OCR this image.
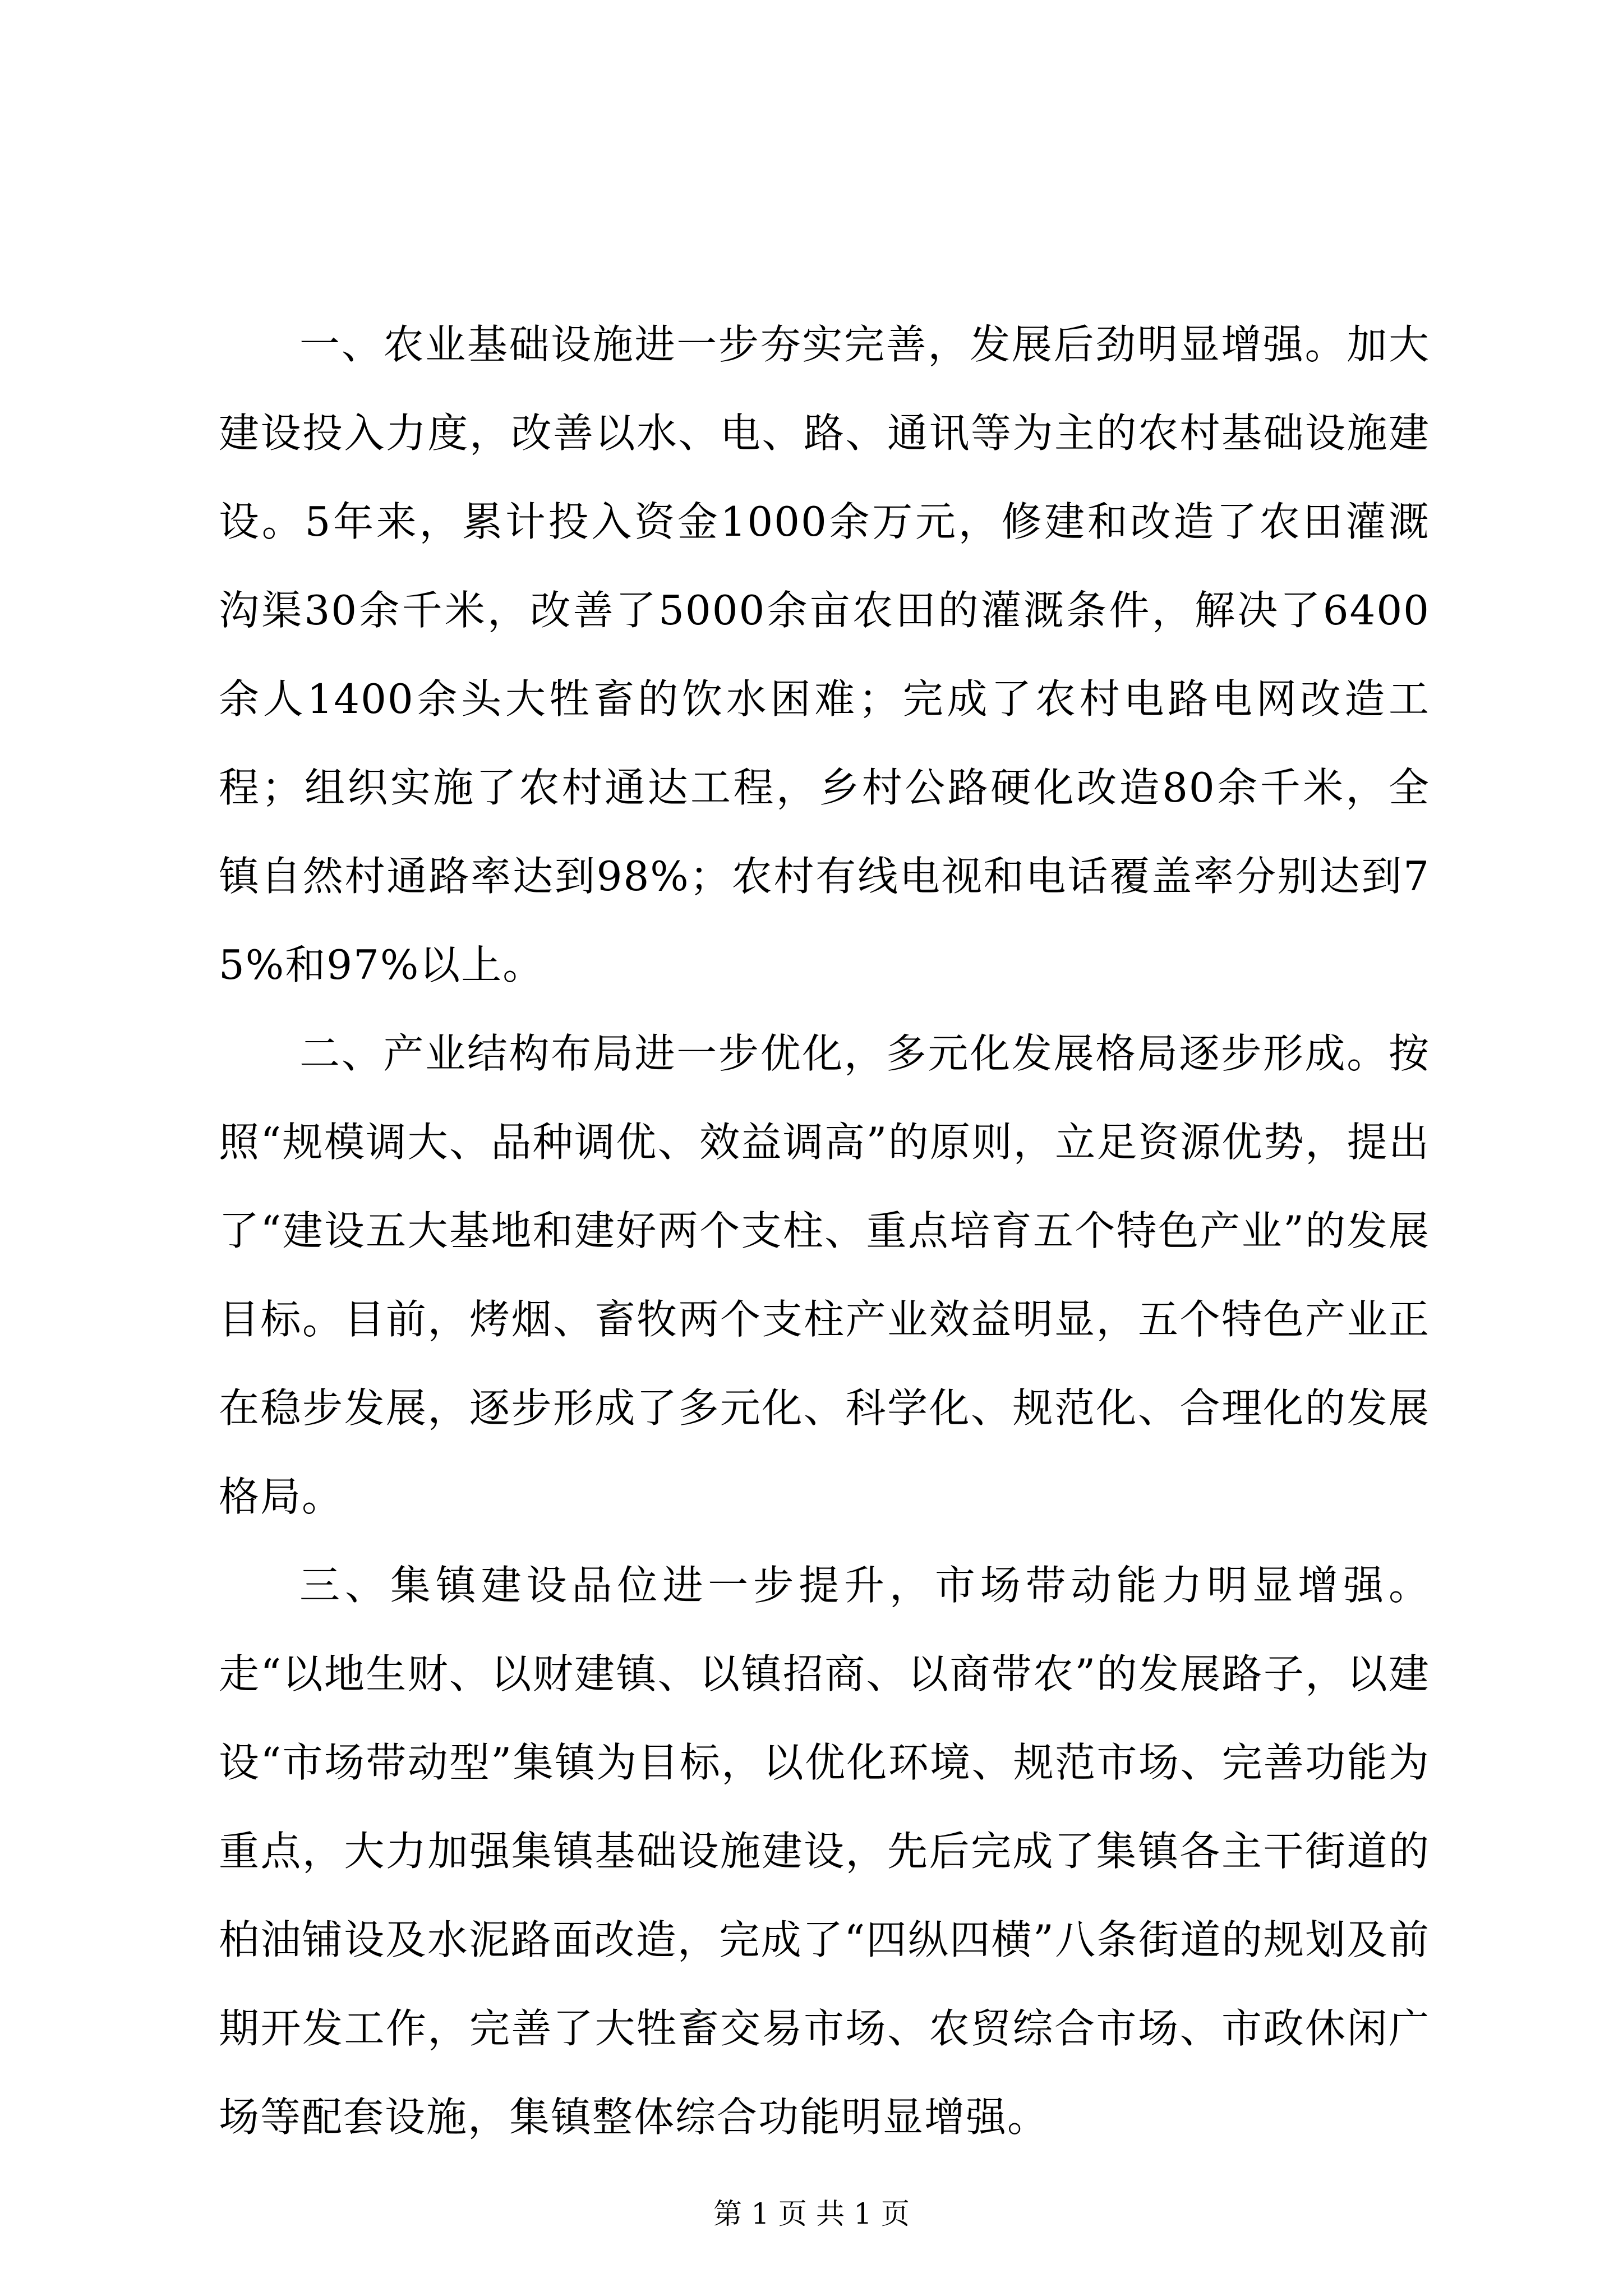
一、农业基础设施进一步夯实完善，发展后劲明显增强。加大建设投入力度，改善以水、电、路、通讯等为主的农村基础设施建设。5年来，累计投入资金1000余万元，修建和改造了农田灌溉沟渠30余千米，改善了5000余亩农田的灌溉条件，解决了6400余人1400余头大牲畜的饮水困难；完成了农村电路电网改造工程；组织实施了农村通达工程，乡村公路硬化改造80余千米，全镇自然村通路率达到98%；农村有线电视和电话覆盖率分别达到75%和97%以上。

二、产业结构布局进一步优化，多元化发展格局逐步形成。按照“规模调大、品种调优、效益调高”的原则，立足资源优势，提出了“建设五大基地和建好两个支柱、重点培育五个特色产业”的发展目标。目前，烤烟、畜牧两个支柱产业效益明显，五个特色产业正在稳步发展，逐步形成了多元化、科学化、规范化、合理化的发展格局。

三、集镇建设品位进一步提升，市场带动能力明显增强。走“以地生财、以财建镇、以镇招商、以商带农”的发展路子，以建设“市场带动型”集镇为目标，以优化环境、规范市场、完善功能为重点，大力加强集镇基础设施建设，先后完成了集镇各主干街道的柏油铺设及水泥路面改造，完成了“四纵四横”八条街道的规划及前期开发工作，完善了大牲畜交易市场、农贸综合市场、市政休闲广场等配套设施，集镇整体综合功能明显增强。

第 1 页 共 1 页
